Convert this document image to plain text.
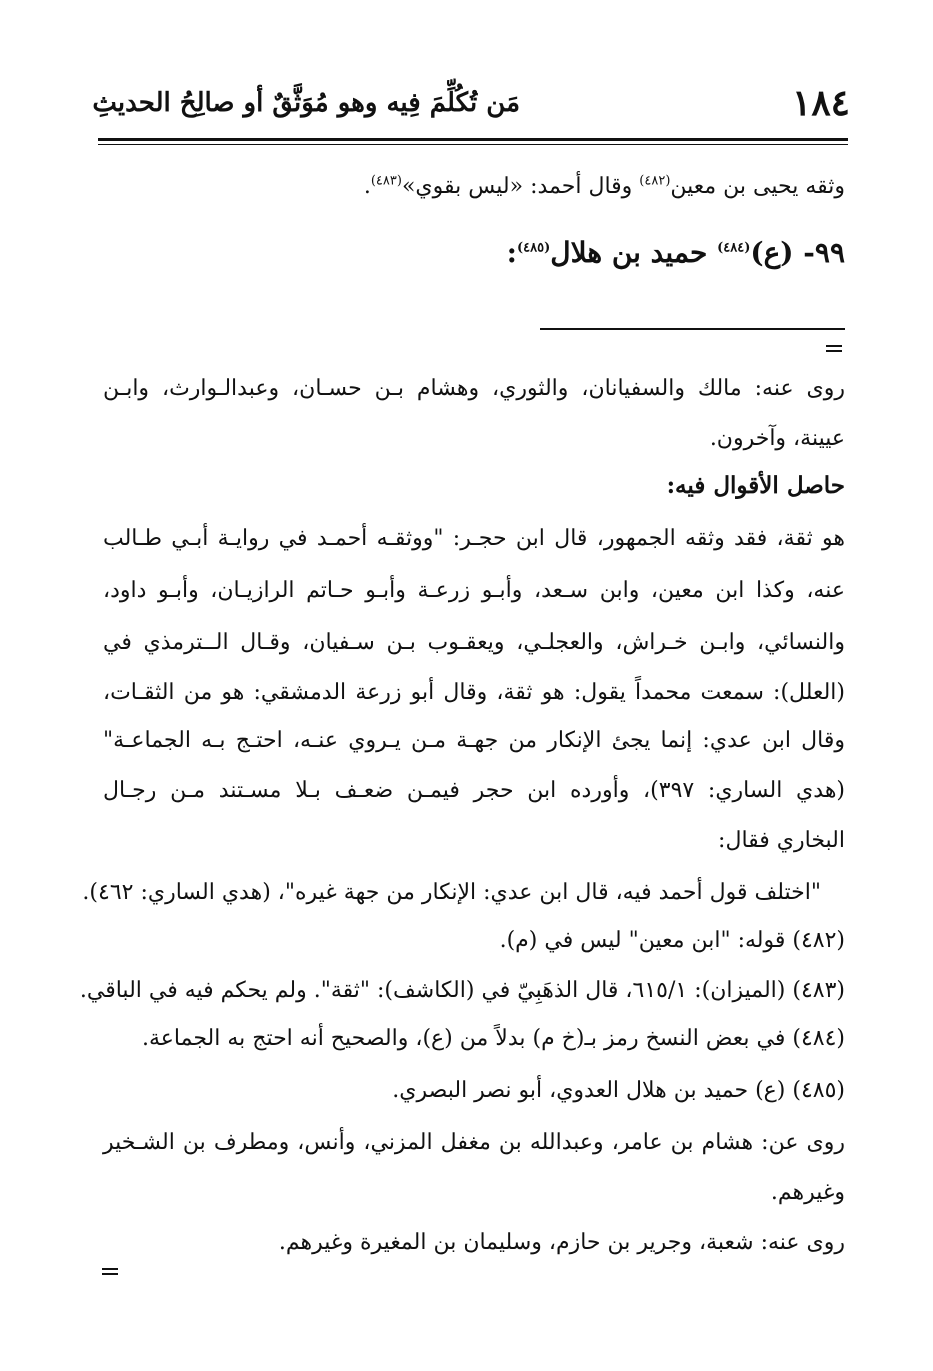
١٨٤
مَن تُكُلِّمَ فِيه وهو مُوَثَّقٌ أو صالِحُ الحديثِ
وثقه يحيى بن معين$^{(٤٨٢)}$ وقال أحمد: «ليس بقوي»$^{(٤٨٣)}$.
٩٩- (ع)$^{(٤٨٤)}$ حميد بن هلال$^{(٤٨٥)}$:
روى عنه: مالك والسفيانان، والثوري، وهشام بـن حسـان، وعبدالـوارث، وابـن
عيينة، وآخرون.
حاصل الأقوال فيه:
هو ثقة، فقد وثقه الجمهور، قال ابن حجـر: "ووثقـه أحمـد في روايـة أبـي طـالب
عنه، وكذا ابن معين، وابن سـعد، وأبـو زرعـة وأبـو حـاتم الرازيـان، وأبـو داود،
والنسائي، وابـن خـراش، والعجلـي، ويعقـوب بـن سـفيان، وقـال الــترمذي في
(العلل): سمعت محمداً يقول: هو ثقة، وقال أبو زرعة الدمشقي: هو من الثقـات،
وقال ابن عدي: إنما يجئ الإنكار من جهـة مـن يـروي عنـه، احتـج بـه الجماعـة"
(هدي الساري: ٣٩٧)، وأورده ابن حجر فيمـن ضعـف بـلا مسـتند مـن رجـال
البخاري فقال:
"اختلف قول أحمد فيه، قال ابن عدي: الإنكار من جهة غيره"، (هدي الساري: ٤٦٢).
(٤٨٢) قوله: "ابن معين" ليس في (م).
(٤٨٣) (الميزان): ٦١٥/١، قال الذهَبِيّ في (الكاشف): "ثقة". ولم يحكم فيه في الباقي.
(٤٨٤) في بعض النسخ رمز بـ(خ م) بدلاً من (ع)، والصحيح أنه احتج به الجماعة.
(٤٨٥) (ع) حميد بن هلال العدوي، أبو نصر البصري.
روى عن: هشام بن عامر، وعبدالله بن مغفل المزني، وأنس، ومطرف بن الشـخير
وغيرهم.
روى عنه: شعبة، وجرير بن حازم، وسليمان بن المغيرة وغيرهم.
